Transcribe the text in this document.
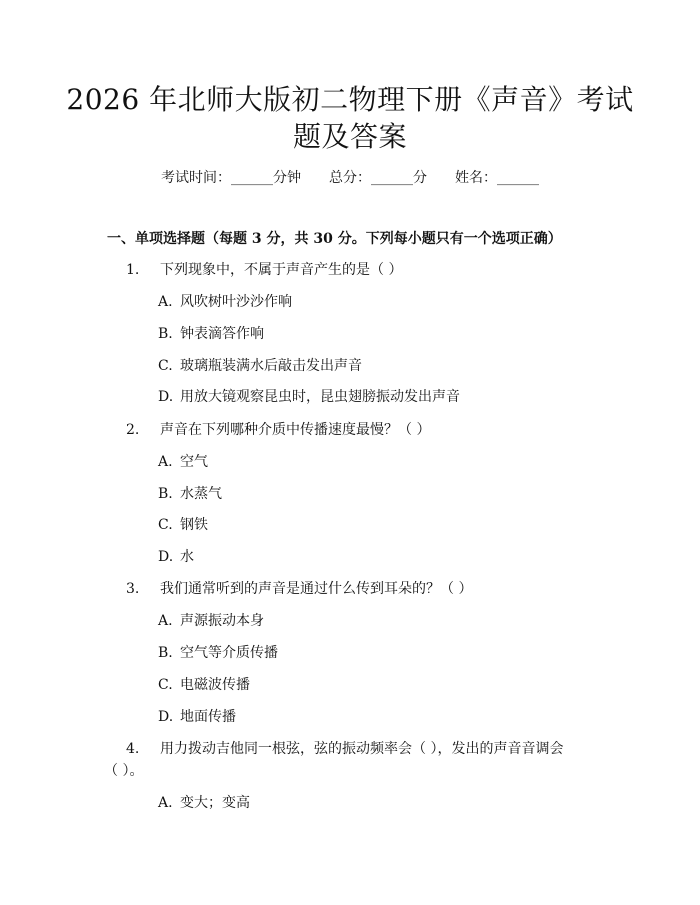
2026 年北师大版初二物理下册《声音》考试
题及答案
考试时间：______分钟 总分：______分 姓名：______
一、单项选择题（每题 3 分，共 30 分。下列每小题只有一个选项正确）
1. 下列现象中，不属于声音产生的是（ ）
A. 风吹树叶沙沙作响
B. 钟表滴答作响
C. 玻璃瓶装满水后敲击发出声音
D. 用放大镜观察昆虫时，昆虫翅膀振动发出声音
2. 声音在下列哪种介质中传播速度最慢？（ ）
A. 空气
B. 水蒸气
C. 钢铁
D. 水
3. 我们通常听到的声音是通过什么传到耳朵的？（ ）
A. 声源振动本身
B. 空气等介质传播
C. 电磁波传播
D. 地面传播
4. 用力拨动吉他同一根弦，弦的振动频率会（ ），发出的声音音调会
（ ）。
A. 变大；变高
